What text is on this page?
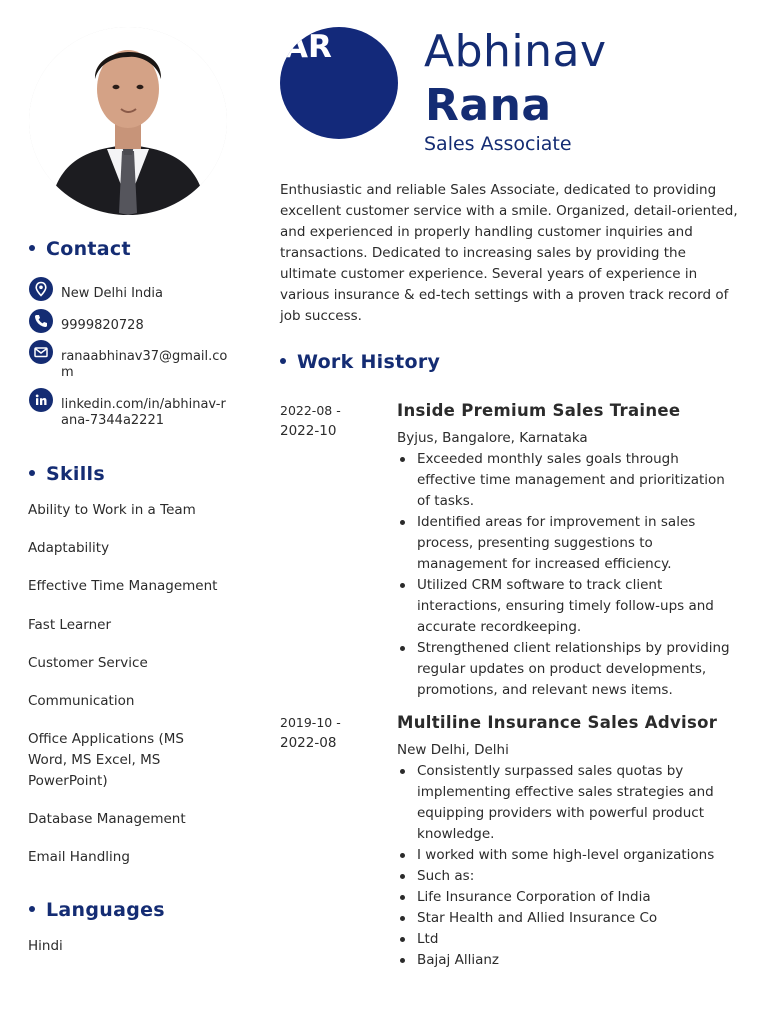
Contact
New Delhi India
9999820728
ranaabhinav37@gmail.com
linkedin.com/in/abhinav-rana-7344a2221
Skills
Ability to Work in a Team
Adaptability
Effective Time Management
Fast Learner
Customer Service
Communication
Office Applications (MS Word, MS Excel, MS PowerPoint)
Database Management
Email Handling
Languages
Hindi
AR Abhinav
Rana
Sales Associate
Enthusiastic and reliable Sales Associate, dedicated to providing excellent customer service with a smile. Organized, detail-oriented, and experienced in properly handling customer inquiries and transactions. Dedicated to increasing sales by providing the ultimate customer experience. Several years of experience in various insurance & ed-tech settings with a proven track record of job success.
Work History
2022-08 -
2022-10
Inside Premium Sales Trainee
Byjus, Bangalore, Karnataka
Exceeded monthly sales goals through effective time management and prioritization of tasks.
Identified areas for improvement in sales process, presenting suggestions to management for increased efficiency.
Utilized CRM software to track client interactions, ensuring timely follow-ups and accurate recordkeeping.
Strengthened client relationships by providing regular updates on product developments, promotions, and relevant news items.
2019-10 -
2022-08
Multiline Insurance Sales Advisor
New Delhi, Delhi
Consistently surpassed sales quotas by implementing effective sales strategies and equipping providers with powerful product knowledge.
I worked with some high-level organizations
Such as:
Life Insurance Corporation of India
Star Health and Allied Insurance Co
Ltd
Bajaj Allianz
